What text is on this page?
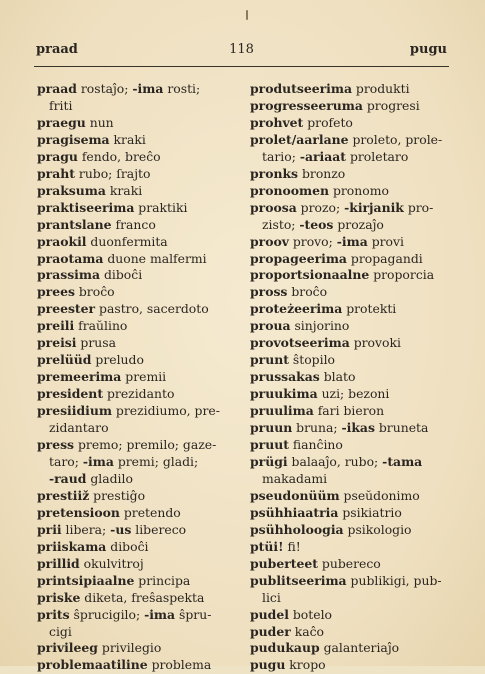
praad	118	pugu
praad rostaĵo; -ima rosti;
friti
praegu nun
pragisema kraki
pragu fendo, breĉo
praht rubo; ſrajto
praksuma kraki
praktiseerima praktiki
prantslane franco
praokil duonfermita
praotama duone malfermi
prassima diboĉi
prees broĉo
preester pastro, sacerdoto
preili fraŭlino
preisi prusa
prelüüd preludo
premeerima premii
president prezidanto
presiidium prezidiumo, pre-
zidantaro
press premo; premilo; gaze-
taro; -ima premi; gladi;
-raud gladilo
prestiiž prestiĝo
pretensioon pretendo
prii libera; -us libereco
priiskama diboĉi
prillid okulvitroj
printsipiaalne principa
priske diketa, freŝaspekta
prits ŝprucigilo; -ima ŝpru-
cigi
privileeg privilegio
problemaatiline problema
produtseerima produkti
progresseeruma progresi
prohvet profeto
prolet/aarlane proleto, prole-
tario; -ariaat proletaro
pronks bronzo
pronoomen pronomo
proosa prozo; -kirjanik pro-
zisto; -teos prozaĵo
proov provo; -ima provi
propageerima propagandi
proportsionaalne proporcia
pross broĉo
proteżeerima protekti
proua sinjorino
provotseerima provoki
prunt ŝtopilo
prussakas blato
pruukima uzi; bezoni
pruulima fari bieron
pruun bruna; -ikas bruneta
pruut fianĉino
prügi balaaĵo, rubo; -tama
makadami
pseudonüüm pseŭdonimo
psühhiaatria psikiatrio
psühholoogia psikologio
ptüi! fi!
puberteet pubereco
publitseerima publikigi, pub-
lici
pudel botelo
puder kaĉo
pudukaup galanteriaĵo
pugu kropo
